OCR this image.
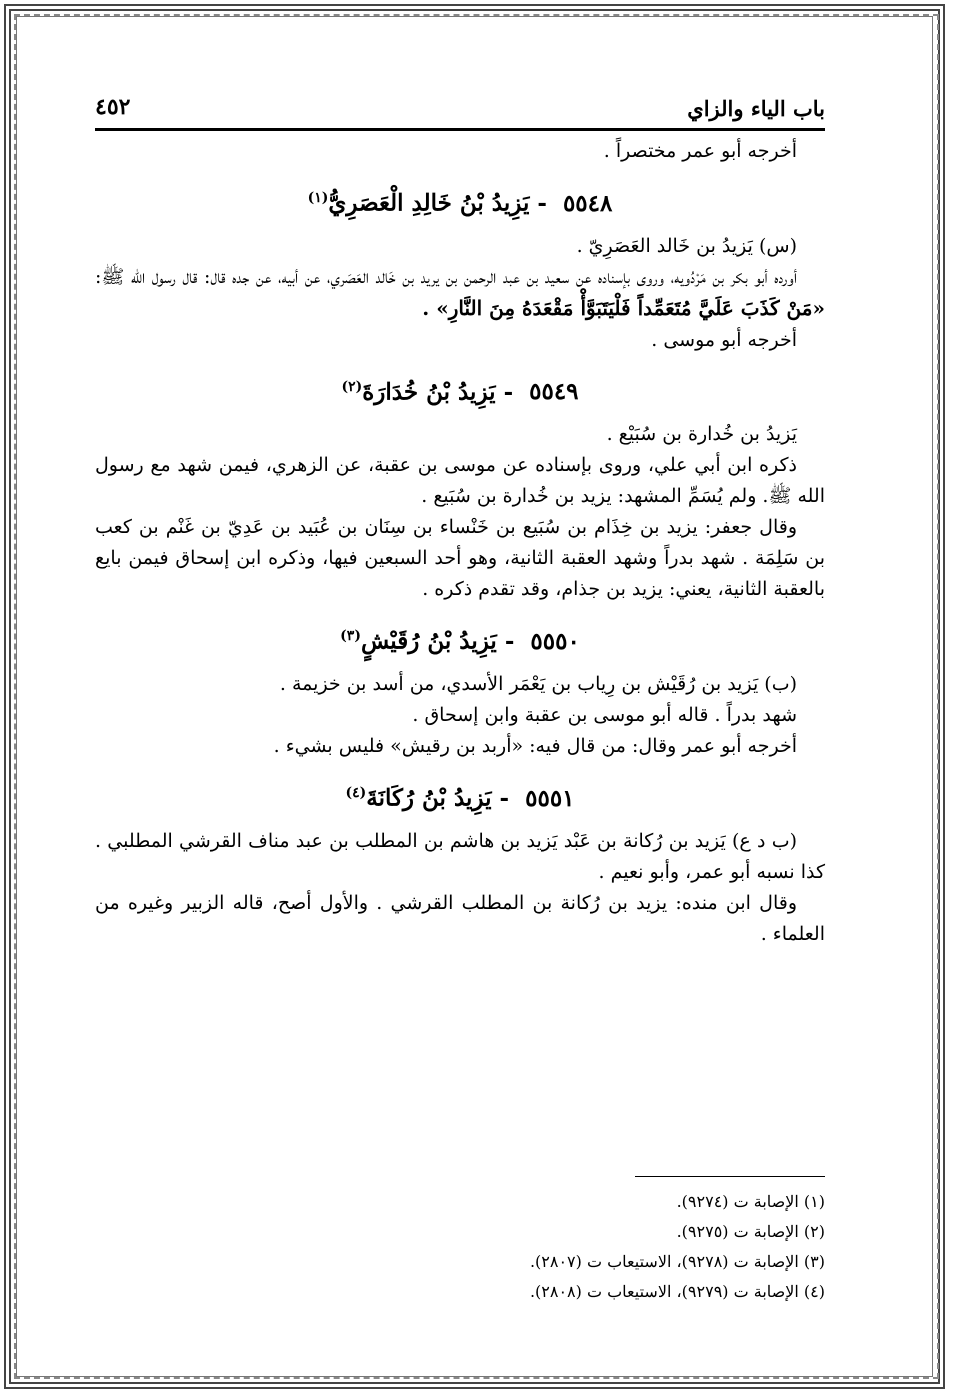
باب الياء والزاي
٤٥٢

أخرجه أبو عمر مختصراً .

٥٥٤٨ - يَزِيدُ بْنُ خَالِدِ الْعَصَرِيُّ$^{(١)}$

(س) يَزيدُ بن خَالد العَصَرِيّ .

أورده أبو بكر بن مَرْدُويه، وروى بإسناده عن سعيد بن عبد الرحمن بن يريد بن خَالد العَصَري، عن أبيه، عن جده قال: قال رسول الله ﷺ: «مَنْ كَذَبَ عَلَيَّ مُتَعَمِّداً فَلْيَتَبَوَّأْ مَقْعَدَهُ مِنَ النَّارِ» .

أخرجه أبو موسى .

٥٥٤٩ - يَزِيدُ بْنُ خُدَارَةَ$^{(٢)}$

يَزيدُ بن خُدارة بن سُبَيْع .

ذكره ابن أبي علي، وروى بإسناده عن موسى بن عقبة، عن الزهري، فيمن شهد مع رسول الله ﷺ. ولم يُسَمِّ المشهد: يزيد بن خُدارة بن سُبَيع .

وقال جعفر: يزيد بن خِذَام بن سُبَيع بن خَنْساء بن سِنَان بن عُبَيد بن عَدِيّ بن غَنْم بن كعب بن سَلِمَة . شهد بدراً وشهد العقبة الثانية، وهو أحد السبعين فيها، وذكره ابن إسحاق فيمن بايع بالعقبة الثانية، يعني: يزيد بن جذام، وقد تقدم ذكره .

٥٥٥٠ - يَزِيدُ بْنُ رُقَيْشٍ$^{(٣)}$

(ب) يَزيد بن رُقَيْش بن رِياب بن يَعْمَر الأسدي، من أسد بن خزيمة .

شهد بدراً . قاله أبو موسى بن عقبة وابن إسحاق .

أخرجه أبو عمر وقال: من قال فيه: «أربد بن رقيش» فليس بشيء .

٥٥٥١ - يَزِيدُ بْنُ رُكَانَةَ$^{(٤)}$

(ب د ع) يَزيد بن رُكانة بن عَبْد يَزيد بن هاشم بن المطلب بن عبد مناف القرشي المطلبي . كذا نسبه أبو عمر، وأبو نعيم .

وقال ابن منده: يزيد بن رُكانة بن المطلب القرشي . والأول أصح، قاله الزبير وغيره من العلماء .

(١) الإصابة ت (٩٢٧٤).

(٢) الإصابة ت (٩٢٧٥).

(٣) الإصابة ت (٩٢٧٨)، الاستيعاب ت (٢٨٠٧).

(٤) الإصابة ت (٩٢٧٩)، الاستيعاب ت (٢٨٠٨).
